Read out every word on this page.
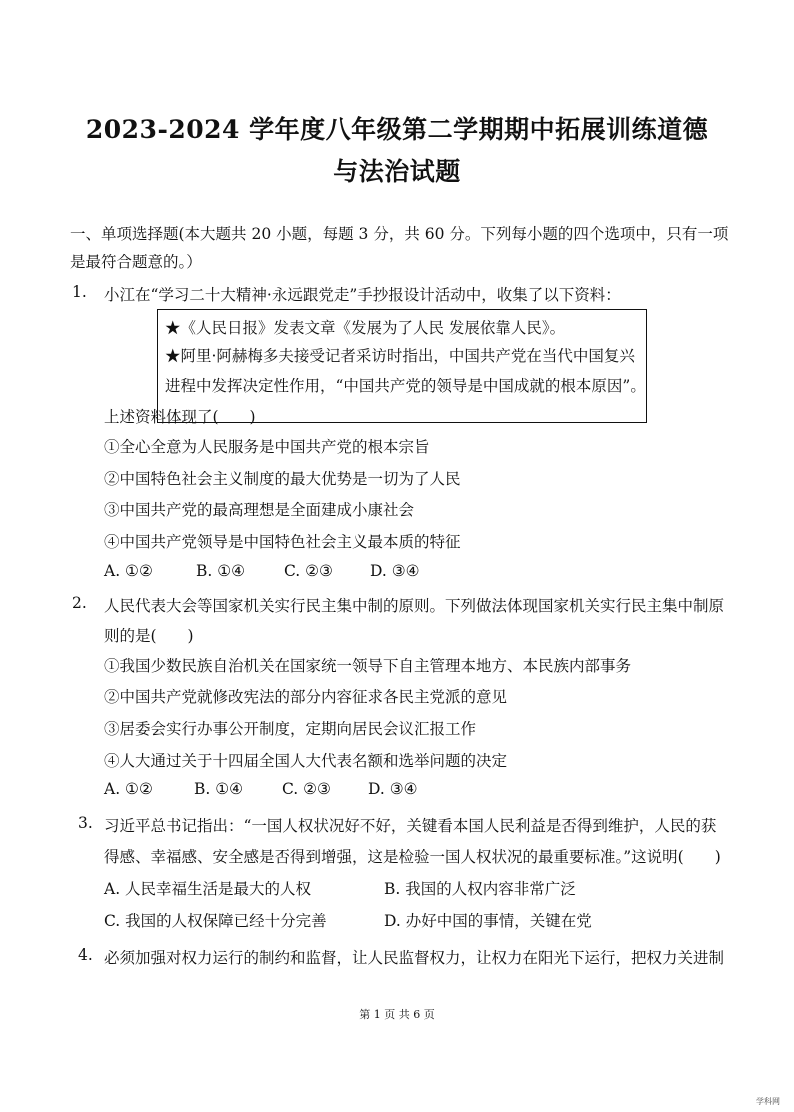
2023-2024 学年度八年级第二学期期中拓展训练道德
与法治试题
一、单项选择题(本大题共 20 小题，每题 3 分，共 60 分。下列每小题的四个选项中，只有一项
是最符合题意的。）
1. 小江在“学习二十大精神·永远跟党走”手抄报设计活动中，收集了以下资料：
★《人民日报》发表文章《发展为了人民 发展依靠人民》。
★阿里·阿赫梅多夫接受记者采访时指出，中国共产党在当代中国复兴
进程中发挥决定性作用，“中国共产党的领导是中国成就的根本原因”。
上述资料体现了(　　)
①全心全意为人民服务是中国共产党的根本宗旨
②中国特色社会主义制度的最大优势是一切为了人民
③中国共产党的最高理想是全面建成小康社会
④中国共产党领导是中国特色社会主义最本质的特征
A. ①②	B. ①④	C. ②③ D. ③④
2. 人民代表大会等国家机关实行民主集中制的原则。下列做法体现国家机关实行民主集中制原
则的是(　　)
①我国少数民族自治机关在国家统一领导下自主管理本地方、本民族内部事务
②中国共产党就修改宪法的部分内容征求各民主党派的意见
③居委会实行办事公开制度，定期向居民会议汇报工作
④人大通过关于十四届全国人大代表名额和选举问题的决定
A. ①②	B. ①④	C. ②③ D. ③④
3. 习近平总书记指出：“一国人权状况好不好，关键看本国人民利益是否得到维护，人民的获
得感、幸福感、安全感是否得到增强，这是检验一国人权状况的最重要标准。”这说明(　　)
A. 人民幸福生活是最大的人权	B. 我国的人权内容非常广泛
C. 我国的人权保障已经十分完善	D. 办好中国的事情，关键在党
4. 必须加强对权力运行的制约和监督，让人民监督权力，让权力在阳光下运行，把权力关进制
第 1 页 共 6 页
学科网
